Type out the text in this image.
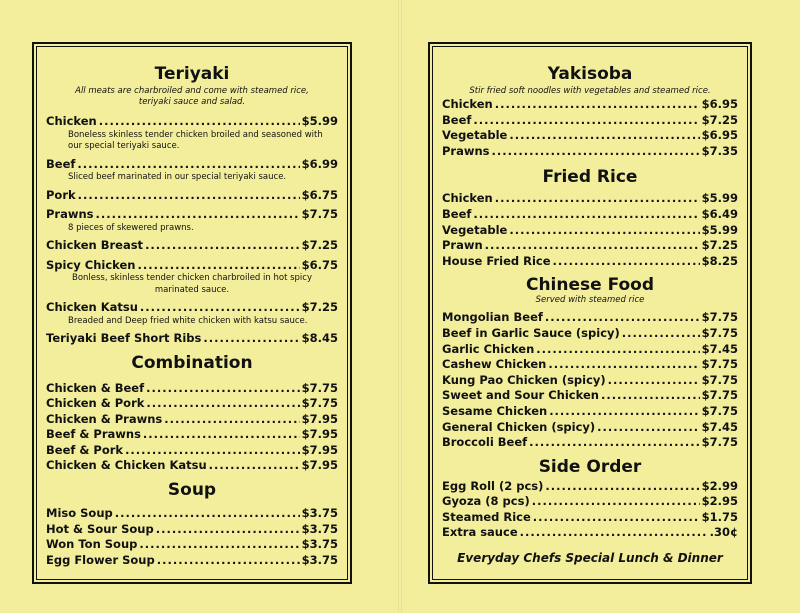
Teriyaki
All meats are charbroiled and come with steamed rice, teriyaki sauce and salad.
Chicken .....	$5.99
Boneless skinless tender chicken broiled and seasoned with our special teriyaki sauce.
Beef .....	$6.99
Sliced beef marinated in our special teriyaki sauce.
Pork .....	$6.75
Prawns .....	$7.75
8 pieces of skewered prawns.
Chicken Breast .....	$7.25
Spicy Chicken .....	$6.75
Bonless, skinless tender chicken charbroiled in hot spicy marinated sauce.
Chicken Katsu .....	$7.25
Breaded and Deep fried white chicken with katsu sauce.
Teriyaki Beef Short Ribs .....	$8.45
Combination
Chicken & Beef .....	$7.75
Chicken & Pork .....	$7.75
Chicken & Prawns .....	$7.95
Beef & Prawns .....	$7.95
Beef & Pork .....	$7.95
Chicken & Chicken Katsu .....	$7.95
Soup
Miso Soup .....	$3.75
Hot & Sour Soup .....	$3.75
Won Ton Soup .....	$3.75
Egg Flower Soup .....	$3.75
Yakisoba
Stir fried soft noodles with vegetables and steamed rice.
Chicken .....	$6.95
Beef .....	$7.25
Vegetable .....	$6.95
Prawns .....	$7.35
Fried Rice
Chicken .....	$5.99
Beef .....	$6.49
Vegetable .....	$5.99
Prawn .....	$7.25
House Fried Rice .....	$8.25
Chinese Food
Served with steamed rice
Mongolian Beef .....	$7.75
Beef in Garlic Sauce (spicy) .....	$7.75
Garlic Chicken .....	$7.45
Cashew Chicken .....	$7.75
Kung Pao Chicken (spicy) .....	$7.75
Sweet and Sour Chicken .....	$7.75
Sesame Chicken .....	$7.75
General Chicken (spicy) .....	$7.45
Broccoli Beef .....	$7.75
Side Order
Egg Roll (2 pcs) .....	$2.99
Gyoza (8 pcs) .....	$2.95
Steamed Rice .....	$1.75
Extra sauce .....	.30¢
Everyday Chefs Special Lunch & Dinner
